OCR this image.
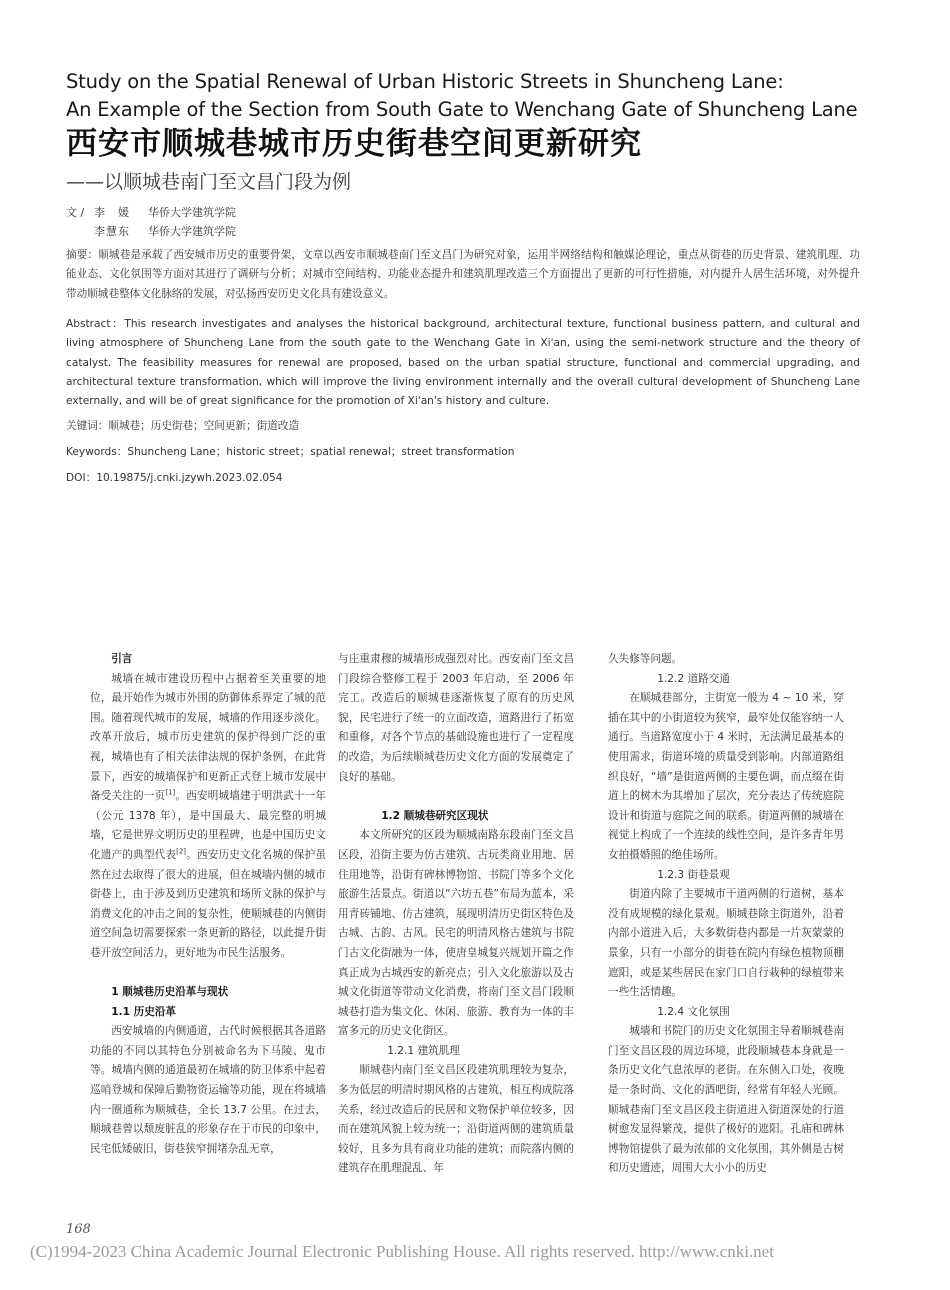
Study on the Spatial Renewal of Urban Historic Streets in Shuncheng Lane:
An Example of the Section from South Gate to Wenchang Gate of Shuncheng Lane
西安市顺城巷城市历史街巷空间更新研究
——以顺城巷南门至文昌门段为例
文 / 李　媛 华侨大学建筑学院
李慧东 华侨大学建筑学院
摘要：顺城巷是承载了西安城市历史的重要骨架，文章以西安市顺城巷南门至文昌门为研究对象，运用半网络结构和触媒论理论，重点从街巷的历史背景、建筑肌理、功能业态、文化氛围等方面对其进行了调研与分析；对城市空间结构、功能业态提升和建筑肌理改造三个方面提出了更新的可行性措施，对内提升人居生活环境，对外提升带动顺城巷整体文化脉络的发展，对弘扬西安历史文化具有建设意义。
Abstract：This research investigates and analyses the historical background, architectural texture, functional business pattern, and cultural and living atmosphere of Shuncheng Lane from the south gate to the Wenchang Gate in Xi'an, using the semi-network structure and the theory of catalyst. The feasibility measures for renewal are proposed, based on the urban spatial structure, functional and commercial upgrading, and architectural texture transformation, which will improve the living environment internally and the overall cultural development of Shuncheng Lane externally, and will be of great significance for the promotion of Xi'an's history and culture.
关键词：顺城巷；历史街巷；空间更新；街道改造
Keywords：Shuncheng Lane；historic street；spatial renewal；street transformation
DOI：10.19875/j.cnki.jzywh.2023.02.054

引言

城墙在城市建设历程中占据着至关重要的地位，最开始作为城市外围的防御体系界定了城的范围。随着现代城市的发展，城墙的作用逐步淡化。改革开放后，城市历史建筑的保护得到广泛的重视，城墙也有了相关法律法规的保护条例，在此背景下，西安的城墙保护和更新正式登上城市发展中备受关注的一页[1]。西安明城墙建于明洪武十一年（公元 1378 年），是中国最大、最完整的明城墙，它是世界文明历史的里程碑，也是中国历史文化遗产的典型代表[2]。西安历史文化名城的保护虽然在过去取得了很大的进展，但在城墙内侧的城市街巷上，由于涉及到历史建筑和场所文脉的保护与消费文化的冲击之间的复杂性，使顺城巷的内侧街道空间急切需要探索一条更新的路径，以此提升街巷开放空间活力，更好地为市民生活服务。

1 顺城巷历史沿革与现状

1.1 历史沿革

西安城墙的内侧通道，古代时候根据其各道路功能的不同以其特色分别被命名为下马陵、鬼市等。城墙内侧的通道最初在城墙的防卫体系中起着巡哨登城和保障后勤物资运输等功能，现在将城墙内一圈通称为顺城巷，全长 13.7 公里。在过去，顺城巷曾以颓废脏乱的形象存在于市民的印象中，民宅低矮破旧，街巷狭窄拥堵杂乱无章，

与庄重肃穆的城墙形成强烈对比。西安南门至文昌门段综合整修工程于 2003 年启动，至 2006 年完工。改造后的顺城巷逐渐恢复了原有的历史风貌，民宅进行了统一的立面改造，道路进行了拓宽和重修，对各个节点的基础设施也进行了一定程度的改造，为后续顺城巷历史文化方面的发展奠定了良好的基础。

1.2 顺城巷研究区现状

本文所研究的区段为顺城南路东段南门至文昌区段，沿街主要为仿古建筑、古玩类商业用地、居住用地等，沿街有碑林博物馆、书院门等多个文化旅游生活景点。街道以“六坊五巷”布局为蓝本，采用青砖铺地、仿古建筑，展现明清历史街区特色及古城、古韵、古风。民宅的明清风格古建筑与书院门古文化街融为一体，使唐皇城复兴规划开篇之作真正成为古城西安的新亮点；引入文化旅游以及古城文化街道等带动文化消费，将南门至文昌门段顺城巷打造为集文化、休闲、旅游、教育为一体的丰富多元的历史文化街区。

1.2.1 建筑肌理

顺城巷内南门至文昌区段建筑肌理较为复杂，多为低层的明清时期风格的古建筑，相互构成院落关系，经过改造后的民居和文物保护单位较多，因而在建筑风貌上较为统一；沿街道两侧的建筑质量较好，且多为具有商业功能的建筑；而院落内侧的建筑存在肌理混乱、年

久失修等问题。

1.2.2 道路交通

在顺城巷部分，主街宽一般为 4 ~ 10 米，穿插在其中的小街道较为狭窄，最窄处仅能容纳一人通行。当道路宽度小于 4 米时，无法满足最基本的使用需求，街道环境的质量受到影响。内部道路组织良好，“墙”是街道两侧的主要色调，而点缀在街道上的树木为其增加了层次，充分表达了传统庭院设计和街道与庭院之间的联系。街道两侧的城墙在视觉上构成了一个连续的线性空间，是许多青年男女拍摄婚照的绝佳场所。

1.2.3 街巷景观

街道内除了主要城市干道两侧的行道树，基本没有成规模的绿化景观。顺城巷除主街道外，沿着内部小道进入后，大多数街巷内都是一片灰蒙蒙的景象，只有一小部分的街巷在院内有绿色植物顶棚遮阳，或是某些居民在家门口自行栽种的绿植带来一些生活情趣。

1.2.4 文化氛围

城墙和书院门的历史文化氛围主导着顺城巷南门至文昌区段的周边环境，此段顺城巷本身就是一条历史文化气息浓厚的老街。在东侧入口处，夜晚是一条时尚、文化的酒吧街，经常有年轻人光顾。顺城巷南门至文昌区段主街道进入街道深处的行道树愈发显得繁茂，提供了极好的遮阳。孔庙和碑林博物馆提供了最为浓郁的文化氛围，其外侧是古树和历史遗迹，周围大大小小的历史

168
(C)1994-2023 China Academic Journal Electronic Publishing House. All rights reserved. http://www.cnki.net
